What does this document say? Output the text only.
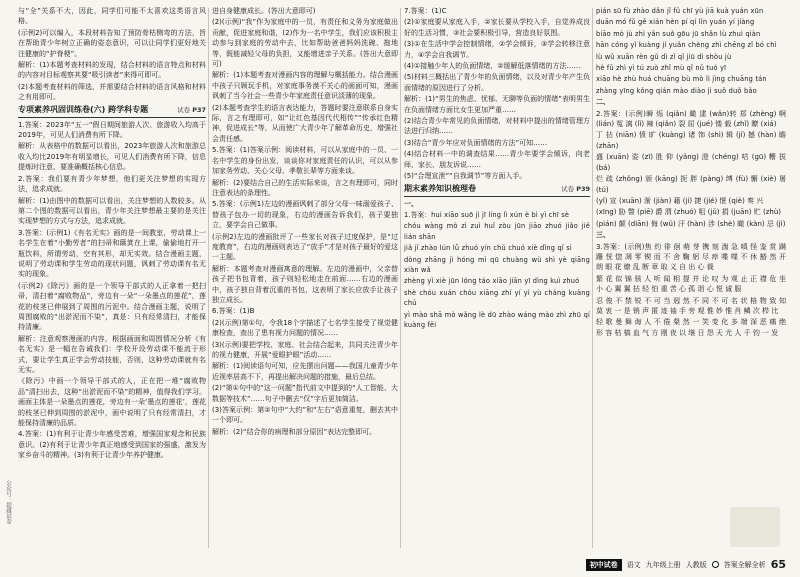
与“全”关系不大，因此，同学们可能不太喜欢这类语言风格。

(示例2)可以编入，本段材料告知了预防骨枯侧弯的方法，旨在帮助青少年树立正确的姿态意识，可以让同学们更好地关注健康的“护脊梗”。

解析：(1)本题考查材料的发现，结合材料的语言特点和材料的内容对目标观察其要“吸引读者”来得可即可。

(2)本题考查材料的筛选，并需要结合材料的语言风格和材料之有用即可。

专项素养巩固训练卷(六) 跨学科专题	试卷 P37

1.答案：2023年“五一”假日期间旅游人次、旅游收入均高于2019年，可见人们消费有所下降。

解析：从表格中的数据可以看出，2023年旅游人次和旅游总收入均比2019年有明显增长，可见人们消费有所下降，信息提炼时注意，要准确概括核心信息。

2.答案：我们要有青少年梦想，他们更关注梦想的实现方法，追求成就。

解析：(1)由图中的数据可以看出，关注梦想的人数较多。从第二个图的数据可以看出，青少年关注梦想最主要的是关注实现梦想的方式与方法，追求成就。

3.答案：(示例1)《有名无实》画的是一间教室，劳动课上一名学生在着“小勤劳者”的扫帚和簸箕在上课，偷偷地打开一瓶饮料，所谓劳动，空有其形，却无实效。结合漫画主题，说明了劳动课和学生劳动的现状问题，讽刺了劳动课有名无实的现象。

(示例2)《除污》画的是一个领导干部式的人正拿着一把扫帚，清扫着“腐败物品”，旁边有一朵“一朵墨点的莲花”，莲花的枝茎已伸展到了周围的污泥中。结合漫画主题，说明了周围腐败的“出淤泥而不染”，真是：只有经常清扫，才能保持清廉。

解析：注意观察漫画的内容，根据画面和周围情况分析《有名无实》是一幅在告诫我们：学校开设劳动课不能流于形式，要让学生真正学会劳动技能，否则，这种劳动课就有名无实。

《除污》中画一个领导干部式的人，正在把一堆“腐败物品”清扫出去，这种“出淤泥而不染”的精神，值得我们学习。画面主体是一朵墨点的莲花，旁边有一朵‘墨点的莲花’，莲花的枝茎已伸到周围的淤泥中，画中说明了只有经常清扫，才能保持清廉的品质。

4.答案：(1)有利于让青少年感受苦难，增强国家观念和民族意识。(2)有利于让青少年真正地感受到国家的强盛，激发为家乡奋斗的精神。(3)有利于让青少年养护健康。

进自身健康成长。(答出大意即可)

(2)(示例)“我”作为家庭中的一员，有责任和义务为家庭做出贡献，促进家庭和谐，(2)作为一名中学生，我们应该积极主动参与到家庭的劳动中去，比如帮助爸爸妈妈洗碗、拖地等，既能减轻父母的负担，又能增进亲子关系。(答出大意即可)

解析：(1)本题考查对漫画内容的理解与概括能力。结合漫画中孩子只顾玩手机，对家庭事务漠不关心的画面可知，漫画讽刺了当今社会一些青少年家庭责任意识淡薄的现象。

(2)本题考查学生的语言表达能力，答题时要注意联系自身实际，言之有理即可，如“让红色基因代代相传”“传承红色精神，促进成长”等，从而使广大青少年了解革命历史，增强社会责任感。

5.答案：(1)答案示例：阅读材料，可以从家庭中的一员、一名中学生的身份出发，谈谈你对家庭责任的认识，可以从参加家务劳动、关心父母、孝敬长辈等方面来谈。

解析：(2)要结合自己的生活实际来谈，言之有理即可，同时注意表达的条理性。

5.答案：(示例1)左边的漫画讽刺了部分父母一味溺爱孩子、替孩子包办一切的现象，右边的漫画告诉我们，孩子要独立，要学会自己做事。

(示例2)左边的漫画批评了一些家长对孩子过度保护，是“过度教育”，右边的漫画则表达了“放手”才是对孩子最好的爱这一主题。

解析：本题考查对漫画寓意的理解。左边的漫画中，父亲替孩子把书包背着，孩子则轻松地走在前面……右边的漫画中，孩子独自背着沉重的书包，这表明了家长应放手让孩子独立成长。

6.答案：(1)B

(2)(示例)第①句，令我18个字描述了七名学生接受了视觉健康检查，查出了患有视力问题的情况……

(3)(示例)要把学校、家庭、社会结合起来，共同关注青少年的视力健康，开展“爱眼护眼”活动……

解析：(1)阅读语句可知，应先摆出问题——我国儿童青少年近视率居高不下，再提出解决问题的措施，最后总结。

(2)“第①句中的“这一问题”指代前文中提到的“人工智能、大数据等技术”……句子中删去“仅”字后更加简洁。

(3)答案示例：第②句中“大约”和“左右”语意重复，删去其中一个即可。

解析：(2)“结合你的病理和部分原因”表达完整即可。

7.答案：(1)C

(2)①家庭要从家庭入手，②家长要从学校入手，自觉养成良好的生活习惯，③社会要积极引导，营造良好氛围。

(3)①在生活中学会控制情绪，②学会倾诉，③学会转移注意力，④学会自我调节。

(4)①接触少年人的负面情绪，②缓解低落情绪的方法……

(5)材料三概括出了青少年的负面情绪，以及对青少年产生负面情绪的原因进行了分析。

解析：(1)“男生的焦虑、忧郁、无聊等负面的情绪”表明男生在负面情绪方面比女生更加严重……

(2)结合青少年常见的负面情绪，对材料中提出的情绪管理方法进行归纳……

(3)结合“青少年应对负面情绪的方法”可知……

(4)结合材料一中的调查结果……青少年要学会倾诉，向老师、家长、朋友诉说……

(5)“合理宣泄”“自我调节”等方面入手。

期末素养知识梳理卷	试卷 P39

一、

1.答案：hui xiāo suō jì jī líng lì xún è bì yì chī sè

chóu wàng mò zì zuì huǐ zòu jūn jiāo zhuó jiǎo jiě lián shān

jiǎ jǐ zhào lún lǜ zhuó yín chǔ chuó xiè dǐng qǐ sì

dòng zhāng jì hóng mì qū chuàng wù shì yè qiāng xiàn wǎ

zhèng yǐ xiè jūn lóng táo xiāo jiān yī dìng kuì zhuó

shè chóu xuán chóu xiāng zhí yí yì yù cháng kuàng chú

yì mào shā mò wǎng lè dū zhào wáng mào zhì zhū qí kuàng fěi

pián sū fù zhào dǎn jǐ fǔ chī yù jiā kuà yuán xūn

duān mó fǔ gě xián hèn pí qí lǐn yuán yí jiàng

biāo mò jù zhì yǎn suǒ gōu jū shǎn lù zhuì qiàn

hān cóng yǐ kuàng jí yuǎn chèng zhì chēng zǐ bó chì

lù wǔ xuān rèn gǔ dì zǐ qǐ jiū dì shòu jù

hè fǔ zhì yì tú zuò zhǐ mù qǐ nǔ tuó yī

xiāo hè zhù huá chuāng bù mò lì jìng chuāng tán

zhàng yīng kǒng qián mào diào jì suǒ duǒ bǎo

二、

2.答案：(示例)瞬 烁 (qiǎn) 瞰 逮 (wǎn)转 郑 (zhèng) 啊 (lián) 冤 漓 (lǐ) 辣 (qiǎn) 裂 屈 (jué) 镂 毅 (zhǐ) 瞭 (xiá)

丁 拈 (niān) 愤 旷 (kuàng) 诸 饰 (shì) 辑 (jí) 撼 (hàn) 瞻 (zhān)

盛 (xuān) 姿 (zī) 胜 仰 (yǎng) 澄 (chéng) 咕 (gū) 糟 拔 (bá)

烂 疏 (zhǒng) 颁 (kāng) 扼 胖 (pàng) 缚 (fù) 懈 (xiè) 屠 (tú)

(yǐ) 宣 (xuān) 渐 (jiàn) 藉 (jí) 捷 (jié) 惬 (qiè) 奏 兴

(xīng) 胁 瞥 (piē) 爵 渭 (zhuó) 咀 (jǔ) 捐 (juān) 贮 (zhù)

(pián) 颠 (diān) 侮 (wǔ) 汗 (hàn) 涉 (shè) 瞰 (kàn) 忌 (jì)

三、

3.答案：(示例)焦 灼 徘 徊 萌 芽 镌 刻 湍 急 嗔 怪 鉴 赏 蹒 跚 恍 惚 凋 零 锲 而 不 舍 鞠 躬 尽 瘁 喋 喋 不 休 豁 然 开 朗 眼 花 缭 乱 断 章 取 义 自 出 心 裁

繁 花 似 锦 骇 人 听 闻 相 提 并 论 叹 为 观 止 正 襟 危 坐 小 心 翼 翼 拈 轻 怕 重 苦 心 孤 诣 心 悦 诚 服

忍 俊 不 禁 锐 不 可 当 迥 然 不 同 不 可 名 状 格 物 致 知 莫 衷 一 是 销 声 匿 迹 袖 手 旁 观 惟 妙 惟 肖 鳞 次 栉 比

轻 歌 曼 舞 诲 人 不 倦 粲 然 一 笑 变 化 多 端 深 恶 痛 绝 形 容 枯 槁 血 气 方 刚 夜 以 继 日 怨 天 尤 人 千 钧 一 发

公众号：超越试卷
初中试卷	语文 九年级上册 人教版 答案全解全析 65
